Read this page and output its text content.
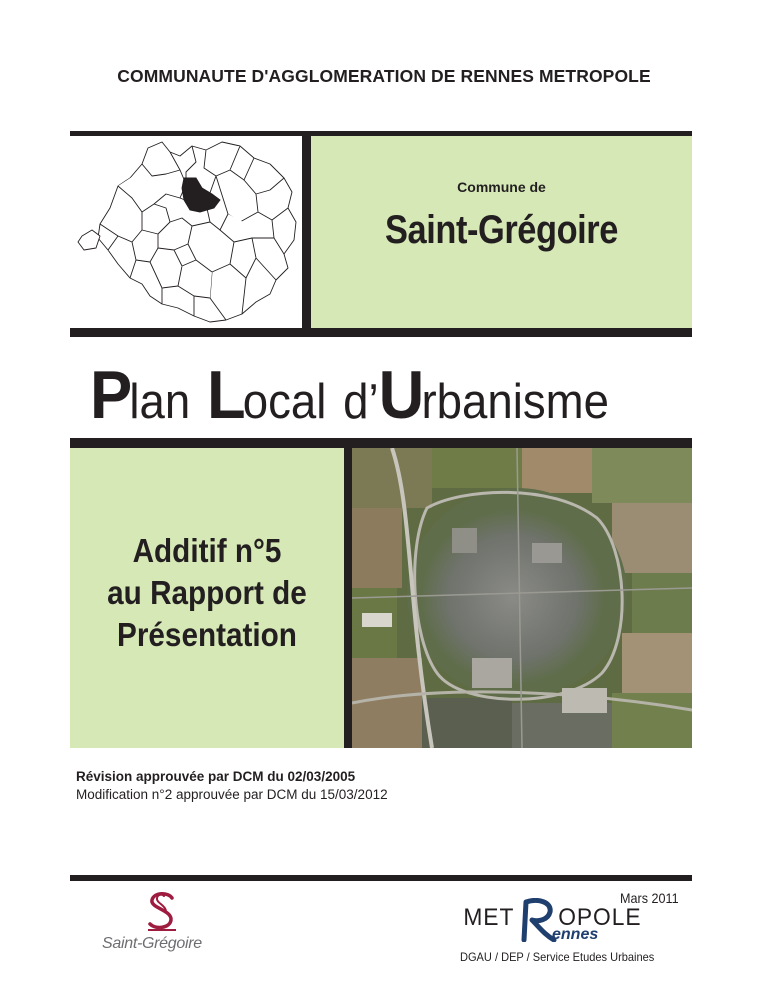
COMMUNAUTE D'AGGLOMERATION DE RENNES METROPOLE
Commune de
Saint-Grégoire
Plan Local d’Urbanisme
Additif n°5
au Rapport de
Présentation
Révision approuvée par DCM du 02/03/2005
Modification n°2 approuvée par DCM du 15/03/2012
Mars 2011
Saint-Grégoire
MET OPOLE
ennes
DGAU / DEP / Service Etudes Urbaines
